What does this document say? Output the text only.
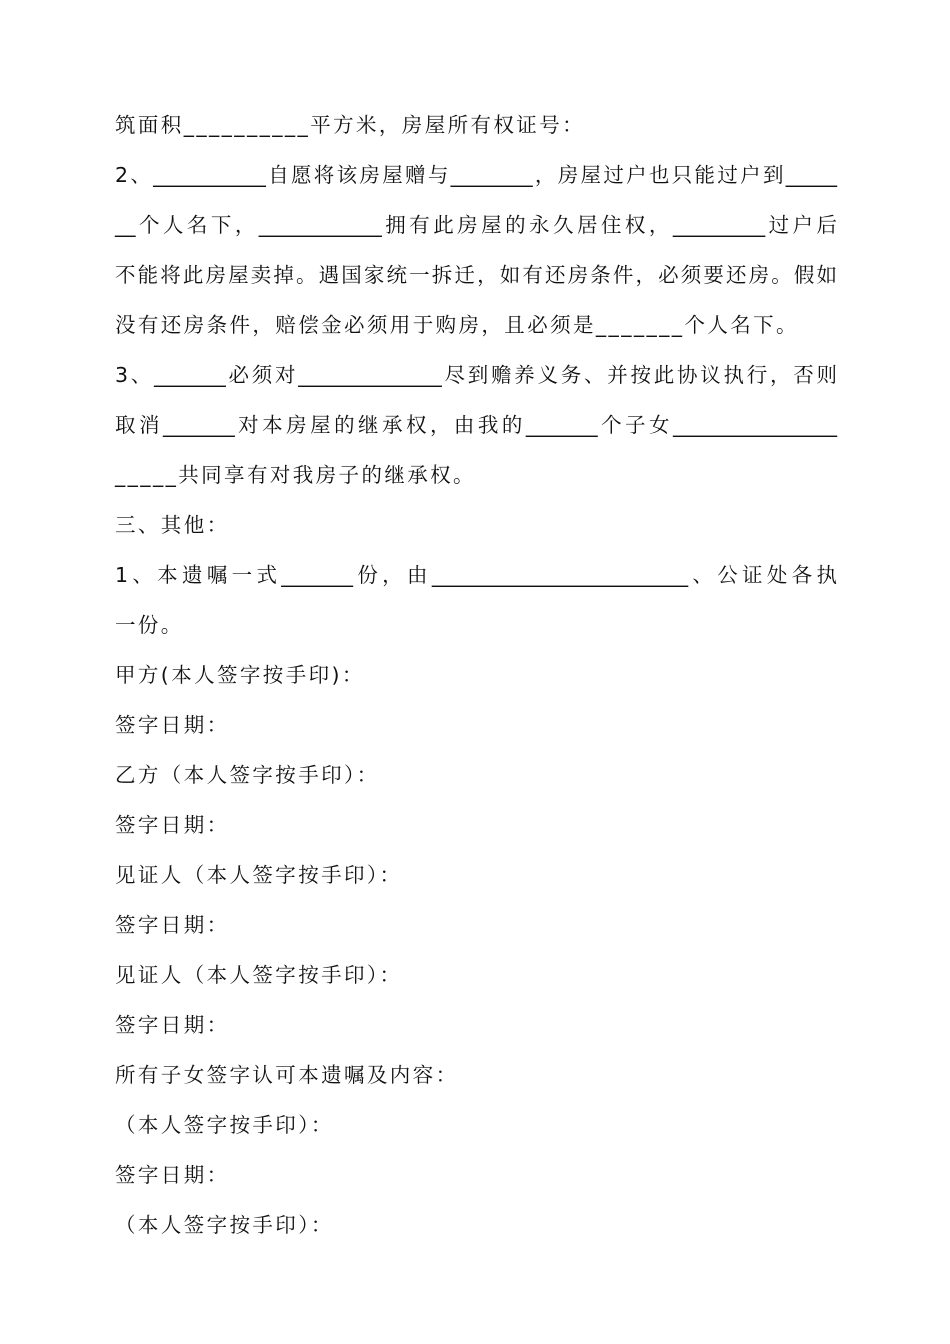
筑面积__________平方米，房屋所有权证号：
2、___________自愿将该房屋赠与________，房屋过户也只能过户到_____
__个人名下，____________拥有此房屋的永久居住权，_________过户后
不能将此房屋卖掉。遇国家统一拆迁，如有还房条件，必须要还房。假如
没有还房条件，赔偿金必须用于购房，且必须是_______个人名下。
3、_______必须对______________尽到赡养义务、并按此协议执行，否则
取消_______对本房屋的继承权，由我的_______个子女________________
_____共同享有对我房子的继承权。
三、其他：
1、本遗嘱一式_______份，由_________________________、公证处各执
一份。
甲方(本人签字按手印)：
签字日期：
乙方（本人签字按手印）：
签字日期：
见证人（本人签字按手印）：
签字日期：
见证人（本人签字按手印）：
签字日期：
所有子女签字认可本遗嘱及内容：
（本人签字按手印）：
签字日期：
（本人签字按手印）：
